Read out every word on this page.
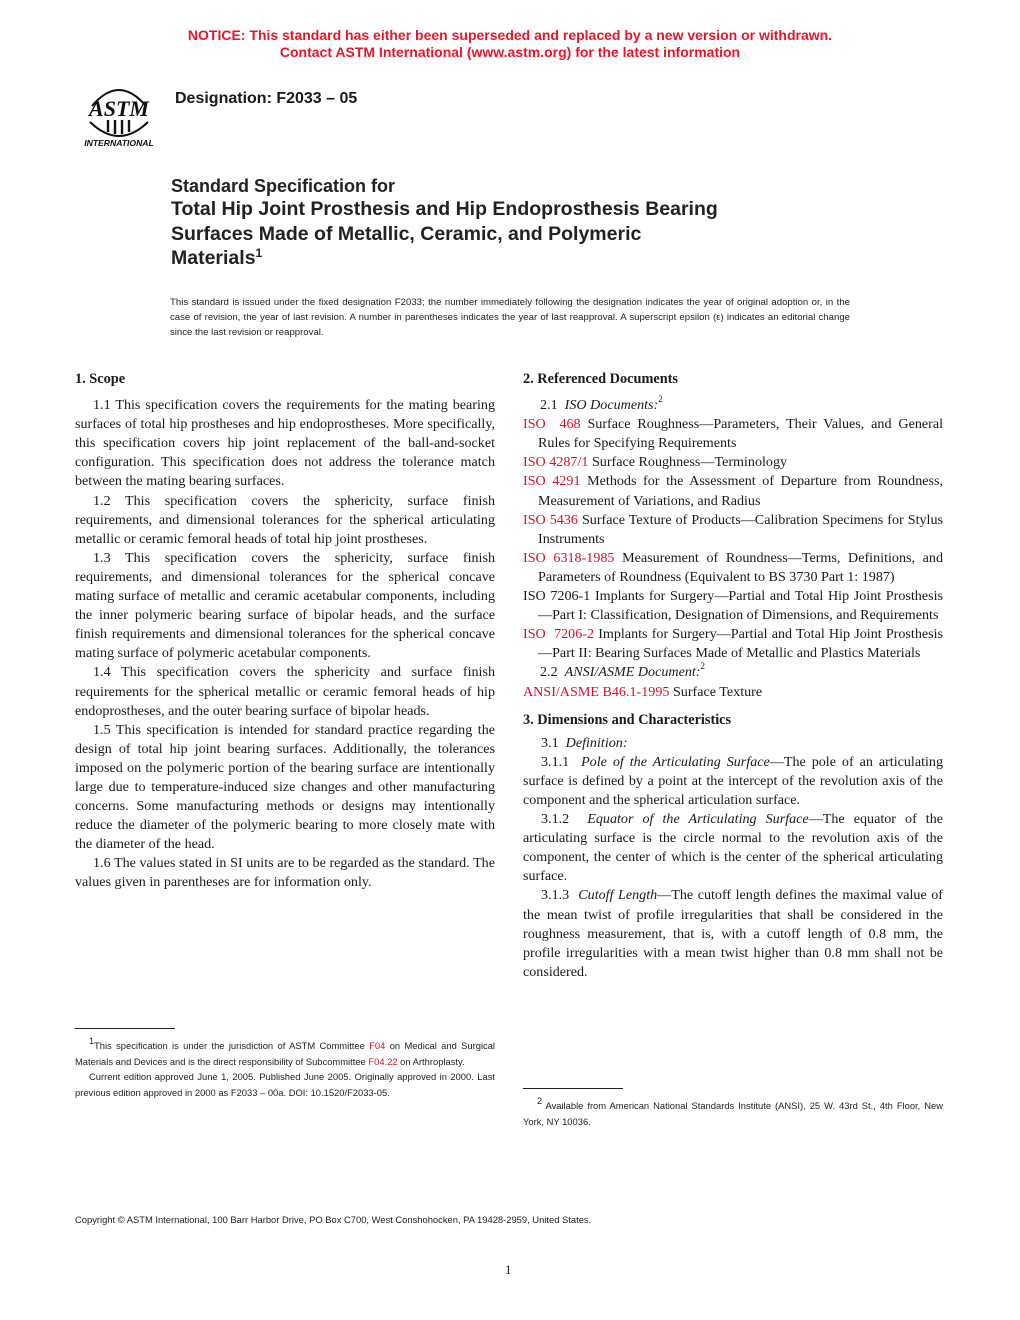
NOTICE: This standard has either been superseded and replaced by a new version or withdrawn.
Contact ASTM International (www.astm.org) for the latest information
ASTM
INTERNATIONAL
Designation: F2033 – 05
Standard Specification for
Total Hip Joint Prosthesis and Hip Endoprosthesis Bearing
Surfaces Made of Metallic, Ceramic, and Polymeric
Materials$^1$
This standard is issued under the fixed designation F2033; the number immediately following the designation indicates the year of original adoption or, in the case of revision, the year of last revision. A number in parentheses indicates the year of last reapproval. A superscript epsilon (ε) indicates an editorial change since the last revision or reapproval.
1. Scope

1.1 This specification covers the requirements for the mating bearing surfaces of total hip prostheses and hip endoprostheses. More specifically, this specification covers hip joint replacement of the ball-and-socket configuration. This specification does not address the tolerance match between the mating bearing surfaces.

1.2 This specification covers the sphericity, surface finish requirements, and dimensional tolerances for the spherical articulating metallic or ceramic femoral heads of total hip joint prostheses.

1.3 This specification covers the sphericity, surface finish requirements, and dimensional tolerances for the spherical concave mating surface of metallic and ceramic acetabular components, including the inner polymeric bearing surface of bipolar heads, and the surface finish requirements and dimensional tolerances for the spherical concave mating surface of polymeric acetabular components.

1.4 This specification covers the sphericity and surface finish requirements for the spherical metallic or ceramic femoral heads of hip endoprostheses, and the outer bearing surface of bipolar heads.

1.5 This specification is intended for standard practice regarding the design of total hip joint bearing surfaces. Additionally, the tolerances imposed on the polymeric portion of the bearing surface are intentionally large due to temperature-induced size changes and other manufacturing concerns. Some manufacturing methods or designs may intentionally reduce the diameter of the polymeric bearing to more closely mate with the diameter of the head.

1.6 The values stated in SI units are to be regarded as the standard. The values given in parentheses are for information only.

$^1$This specification is under the jurisdiction of ASTM Committee F04 on Medical and Surgical Materials and Devices and is the direct responsibility of Subcommittee F04.22 on Arthroplasty.

Current edition approved June 1, 2005. Published June 2005. Originally approved in 2000. Last previous edition approved in 2000 as F2033 – 00a. DOI: 10.1520/F2033-05.

2. Referenced Documents

2.1 ISO Documents:$^2$

ISO 468 Surface Roughness—Parameters, Their Values, and General Rules for Specifying Requirements

ISO 4287/1 Surface Roughness—Terminology

ISO 4291 Methods for the Assessment of Departure from Roundness, Measurement of Variations, and Radius

ISO 5436 Surface Texture of Products—Calibration Specimens for Stylus Instruments

ISO 6318-1985 Measurement of Roundness—Terms, Definitions, and Parameters of Roundness (Equivalent to BS 3730 Part 1: 1987)

ISO 7206-1 Implants for Surgery—Partial and Total Hip Joint Prosthesis—Part I: Classification, Designation of Dimensions, and Requirements

ISO 7206-2 Implants for Surgery—Partial and Total Hip Joint Prosthesis—Part II: Bearing Surfaces Made of Metallic and Plastics Materials

2.2 ANSI/ASME Document:$^2$

ANSI/ASME B46.1-1995 Surface Texture

3. Dimensions and Characteristics

3.1 Definition:

3.1.1 Pole of the Articulating Surface—The pole of an articulating surface is defined by a point at the intercept of the revolution axis of the component and the spherical articulation surface.

3.1.2 Equator of the Articulating Surface—The equator of the articulating surface is the circle normal to the revolution axis of the component, the center of which is the center of the spherical articulating surface.

3.1.3 Cutoff Length—The cutoff length defines the maximal value of the mean twist of profile irregularities that shall be considered in the roughness measurement, that is, with a cutoff length of 0.8 mm, the profile irregularities with a mean twist higher than 0.8 mm shall not be considered.

$^2$ Available from American National Standards Institute (ANSI), 25 W. 43rd St., 4th Floor, New York, NY 10036.

Copyright © ASTM International, 100 Barr Harbor Drive, PO Box C700, West Conshohocken, PA 19428-2959, United States.
1
